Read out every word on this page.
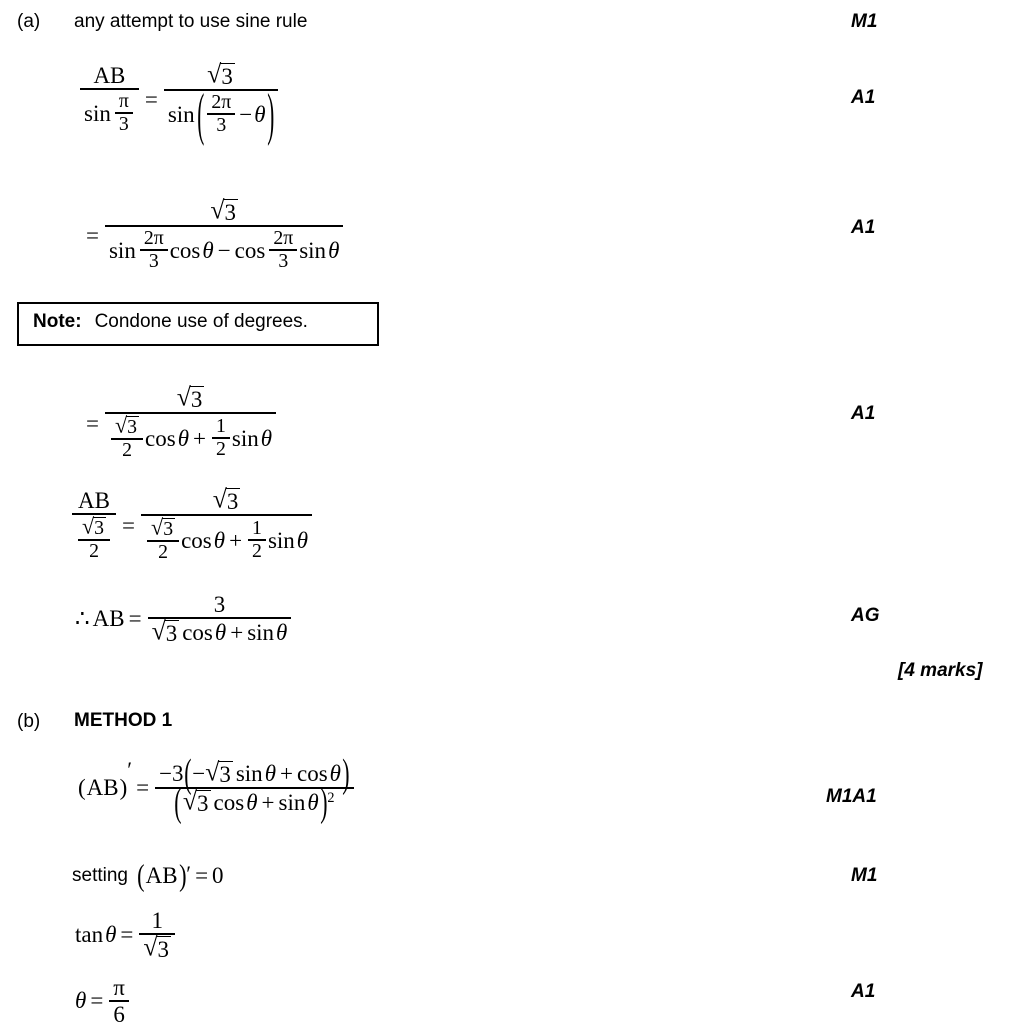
(a) any attempt to use sine rule	M1
$\frac{AB}{\sin \frac{\pi}{3}}$ =
√ 3
sin ( $\frac{2 \pi}{3} - \theta$ )	A1
=
√ 3
$\sin \frac{2 \pi}{3}$ $\cos \theta - \cos \frac{2 \pi}{3}$ sin θ
A1
Note: Condone use of degrees.
=
√ 3
$\frac{√ 3}{2}$ $\cos \theta + \frac{1}{2}$ sin θ
A1
AB
$\frac{√ 3}{2}$ =
√ 3
$\frac{√ 3}{2}$ $\cos \theta + \frac{1}{2}$ sin θ
∴ AB =
3
√ 3 cos θ + sin θ
AG
[4 marks]
(b) METHOD 1
( AB )
′
=
−3 ( − √ 3 sin θ + cos θ )
( √ 3 cos θ + sin θ ) 2	M1A1
setting ( AB ) ′ = 0	M1
$\tan \theta = \frac{1}{√ 3}$
$\theta = \frac{\pi}{6}$	A1
